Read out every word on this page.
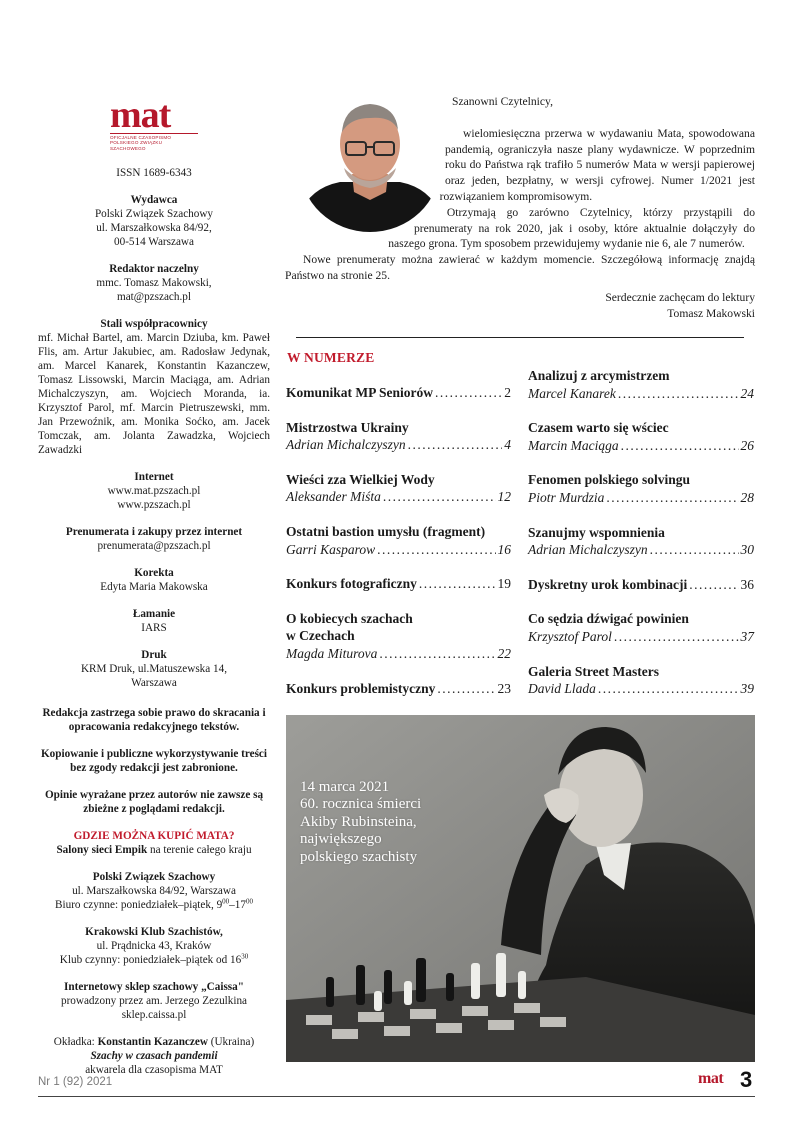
mat
OFICJALNE CZASOPISMO
POLSKIEGO ZWIĄZKU SZACHOWEGO
ISSN 1689-6343
Wydawca
Polski Związek Szachowy
ul. Marszałkowska 84/92,
00-514 Warszawa
Redaktor naczelny
mmc. Tomasz Makowski,
mat@pzszach.pl
Stali współpracownicy
mf. Michał Bartel, am. Marcin Dziuba, km. Paweł Flis, am. Artur Jakubiec, am. Radosław Jedynak, am. Marcel Kanarek, Konstantin Kazanczew, Tomasz Lissowski, Marcin Maciąga, am. Adrian Michalczyszyn, am. Wojciech Moranda, ia. Krzysztof Parol, mf. Marcin Pietruszewski, mm. Jan Przewoźnik, am. Monika Soćko, am. Jacek Tomczak, am. Jolanta Zawadzka, Wojciech Zawadzki
Internet
www.mat.pzszach.pl
www.pzszach.pl
Prenumerata i zakupy przez internet
prenumerata@pzszach.pl
Korekta
Edyta Maria Makowska
Łamanie
IARS
Druk
KRM Druk, ul.Matuszewska 14,
Warszawa
Redakcja zastrzega sobie prawo do skracania i opracowania redakcyjnego tekstów.
Kopiowanie i publiczne wykorzystywanie treści bez zgody redakcji jest zabronione.
Opinie wyrażane przez autorów nie zawsze są zbieżne z poglądami redakcji.
GDZIE MOŻNA KUPIĆ MATA?
Salony sieci Empik na terenie całego kraju
Polski Związek Szachowy
ul. Marszałkowska 84/92, Warszawa
Biuro czynne: poniedziałek–piątek, $9^{00}-17^{00}$
Krakowski Klub Szachistów,
ul. Prądnicka 43, Kraków
Klub czynny: poniedziałek–piątek od $16^{30}$
Internetowy sklep szachowy „Caissa"
prowadzony przez am. Jerzego Zezulkina
sklep.caissa.pl
Okładka: Konstantin Kazanczew (Ukraina)
Szachy w czasach pandemii
akwarela dla czasopisma MAT
Szanowni Czytelnicy,

wielomiesięczna przerwa w wydawaniu Mata, spowodowana pandemią, ograniczyła nasze plany wydawnicze. W poprzednim roku do Państwa rąk trafiło 5 numerów Mata w wersji papierowej oraz jeden, bezpłatny, w wersji cyfrowej. Numer 1/2021 jest rozwiązaniem kompromisowym.

Otrzymają go zarówno Czytelnicy, którzy przystąpili do prenumeraty na rok 2020, jak i osoby, które aktualnie dołączyły do naszego grona. Tym sposobem przewidujemy wydanie nie 6, ale 7 numerów.

Nowe prenumeraty można zawierać w każdym momencie. Szczegółową informację znajdą Państwo na stronie 25.

Serdecznie zachęcam do lektury
Tomasz Makowski
W NUMERZE
Komunikat MP Seniorów .....	2
Mistrzostwa Ukrainy
Adrian Michalczyszyn .....	4
Wieści zza Wielkiej Wody
Aleksander Miśta .....	12
Ostatni bastion umysłu (fragment)
Garri Kasparow .....	16
Konkurs fotograficzny .....	19
O kobiecych szachach
w Czechach
Magda Miturova .....	22
Konkurs problemistyczny .....	23
Analizuj z arcymistrzem
Marcel Kanarek .....	24
Czasem warto się wściec
Marcin Maciąga .....	26
Fenomen polskiego solvingu
Piotr Murdzia .....	28
Szanujmy wspomnienia
Adrian Michalczyszyn .....	30
Dyskretny urok kombinacji .....	36
Co sędzia dźwigać powinien
Krzysztof Parol .....	37
Galeria Street Masters
David Llada .....	39
14 marca 2021
60. rocznica śmierci
Akiby Rubinsteina,
największego
polskiego szachisty
Nr 1 (92) 2021	mat 3
